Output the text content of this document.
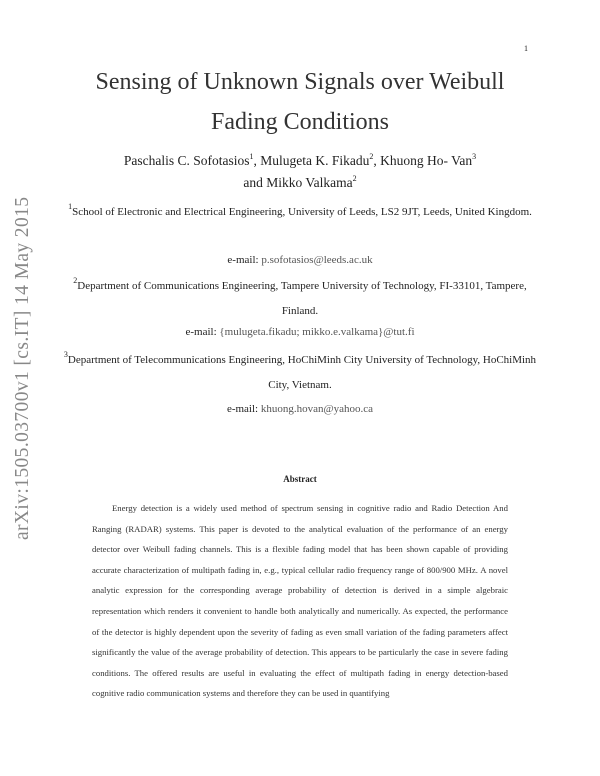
1
arXiv:1505.03700v1 [cs.IT] 14 May 2015
Sensing of Unknown Signals over Weibull Fading Conditions
Paschalis C. Sofotasios$^1$, Mulugeta K. Fikadu$^2$, Khuong Ho- Van$^3$
and Mikko Valkama$^2$
$^1$School of Electronic and Electrical Engineering, University of Leeds, LS2 9JT, Leeds, United Kingdom.
e-mail: p.sofotasios@leeds.ac.uk
$^2$Department of Communications Engineering, Tampere University of Technology, FI-33101, Tampere, Finland.
e-mail: {mulugeta.fikadu; mikko.e.valkama}@tut.fi
$^3$Department of Telecommunications Engineering, HoChiMinh City University of Technology, HoChiMinh City, Vietnam.
e-mail: khuong.hovan@yahoo.ca
Abstract
Energy detection is a widely used method of spectrum sensing in cognitive radio and Radio Detection And Ranging (RADAR) systems. This paper is devoted to the analytical evaluation of the performance of an energy detector over Weibull fading channels. This is a flexible fading model that has been shown capable of providing accurate characterization of multipath fading in, e.g., typical cellular radio frequency range of 800/900 MHz. A novel analytic expression for the corresponding average probability of detection is derived in a simple algebraic representation which renders it convenient to handle both analytically and numerically. As expected, the performance of the detector is highly dependent upon the severity of fading as even small variation of the fading parameters affect significantly the value of the average probability of detection. This appears to be particularly the case in severe fading conditions. The offered results are useful in evaluating the effect of multipath fading in energy detection-based cognitive radio communication systems and therefore they can be used in quantifying
